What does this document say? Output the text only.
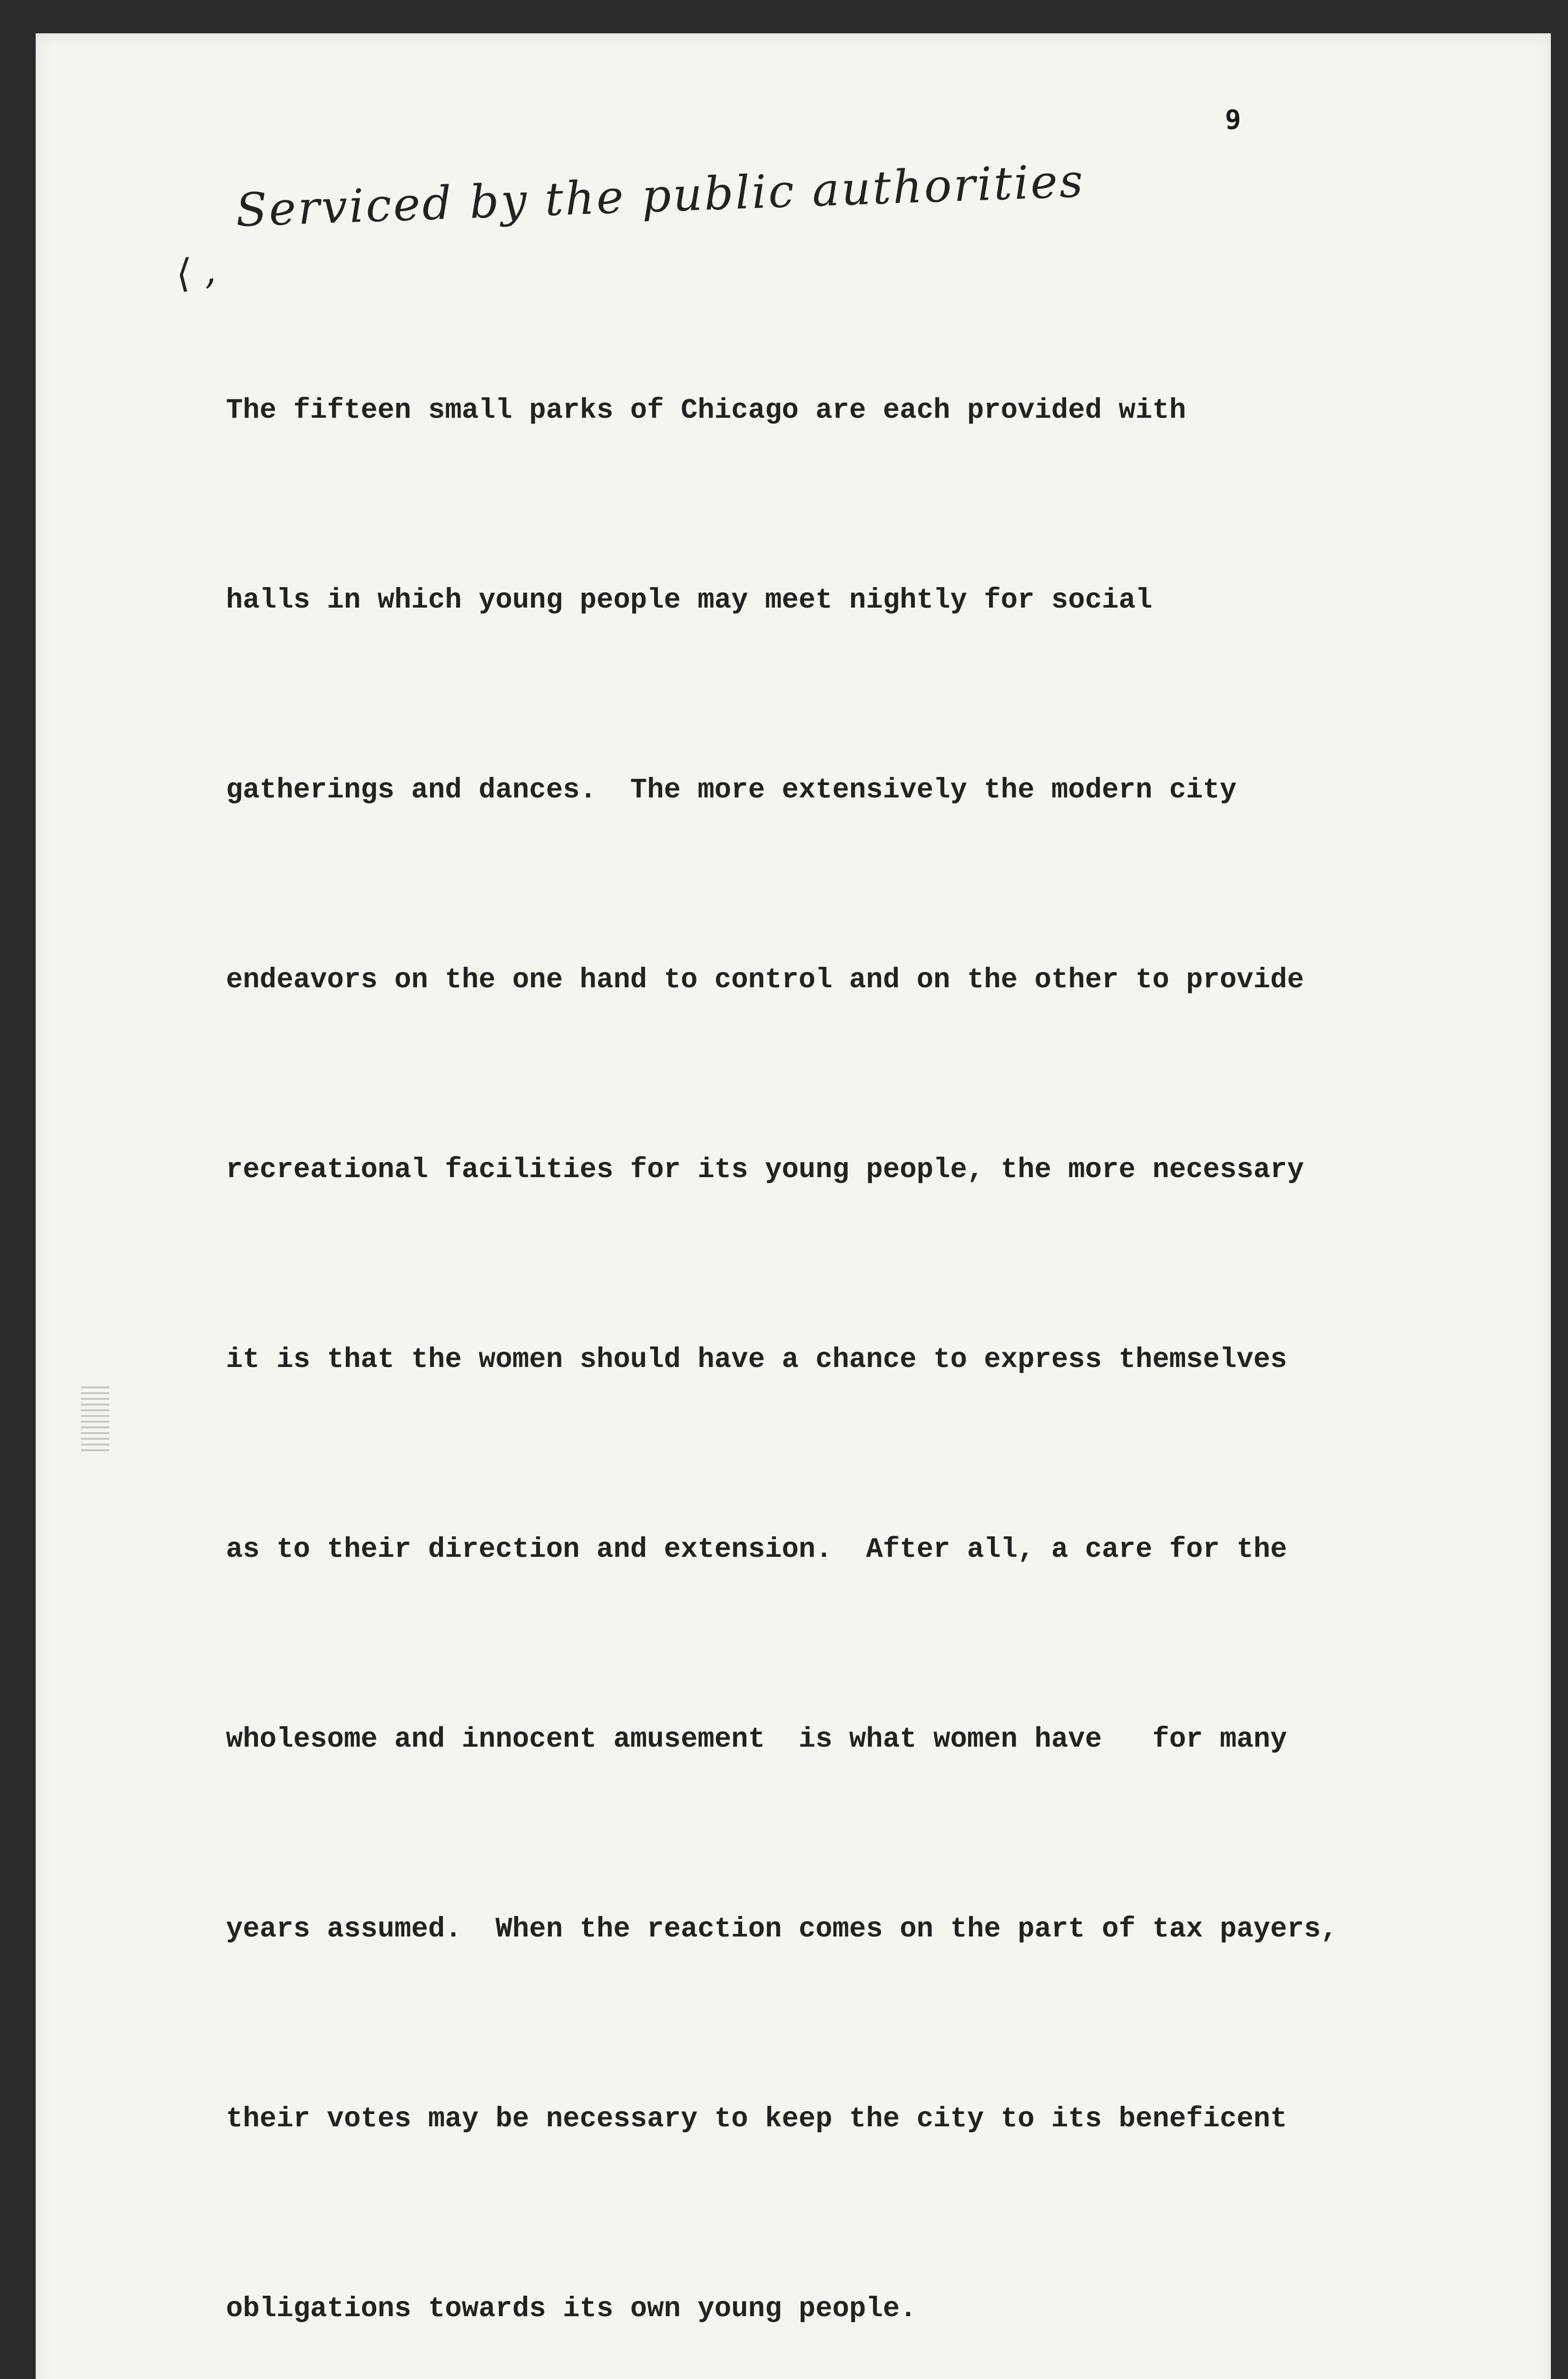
9
Serviced by the public authorities
⟨ ,

The fifteen small parks of Chicago are each provided with

halls in which young people may meet nightly for social

gatherings and dances.  The more extensively the modern city

endeavors on the one hand to control and on the other to provide

recreational facilities for its young people, the more necessary

it is that the women should have a chance to express themselves

as to their direction and extension.  After all, a care for the

wholesome and innocent amusement  is what women have   for many

years assumed.  When the reaction comes on the part of tax payers,

their votes may be necessary to keep the city to its beneficent

obligations towards its own young people.
